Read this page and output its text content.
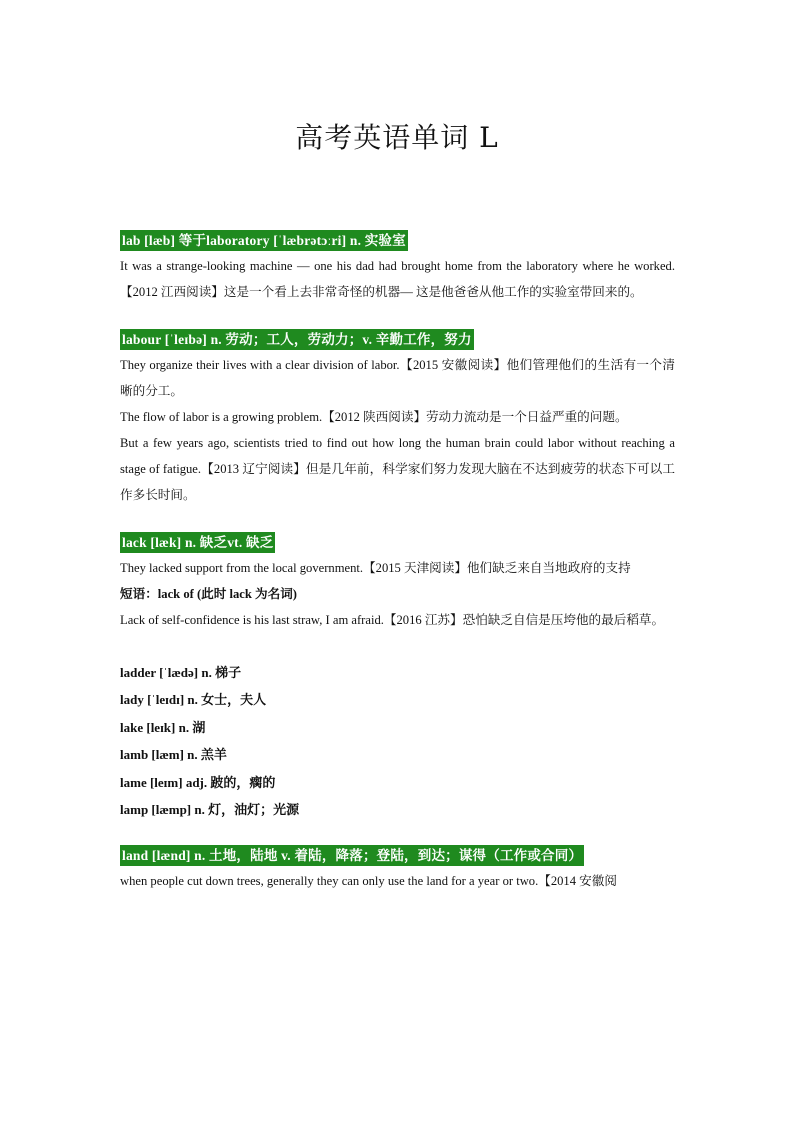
高考英语单词 L
lab [læb] 等于laboratory [ˈlæbrətɔːri] n. 实验室

It was a strange-looking machine — one his dad had brought home from the laboratory where he worked.【2012 江西阅读】这是一个看上去非常奇怪的机器— 这是他爸爸从他工作的实验室带回来的。

labour [ˈleɪbə] n. 劳动；工人，劳动力；v. 辛勤工作，努力

They organize their lives with a clear division of labor.【2015 安徽阅读】他们管理他们的生活有一个清晰的分工。

The flow of labor is a growing problem.【2012 陕西阅读】劳动力流动是一个日益严重的问题。

But a few years ago, scientists tried to find out how long the human brain could labor without reaching a stage of fatigue.【2013 辽宁阅读】但是几年前，科学家们努力发现大脑在不达到疲劳的状态下可以工作多长时间。

lack [læk] n. 缺乏vt. 缺乏

They lacked support from the local government.【2015 天津阅读】他们缺乏来自当地政府的支持

短语：lack of (此时 lack 为名词)

Lack of self-confidence is his last straw, I am afraid.【2016 江苏】恐怕缺乏自信是压垮他的最后稻草。

ladder [ˈlædə] n. 梯子

lady [ˈleɪdɪ] n. 女士，夫人

lake [leɪk] n. 湖

lamb [læm] n. 羔羊

lame [leɪm] adj. 跛的，瘸的

lamp [læmp] n. 灯，油灯；光源

land [lænd] n. 土地，陆地 v. 着陆，降落；登陆，到达；谋得（工作或合同）

when people cut down trees, generally they can only use the land for a year or two.【2014 安徽阅
